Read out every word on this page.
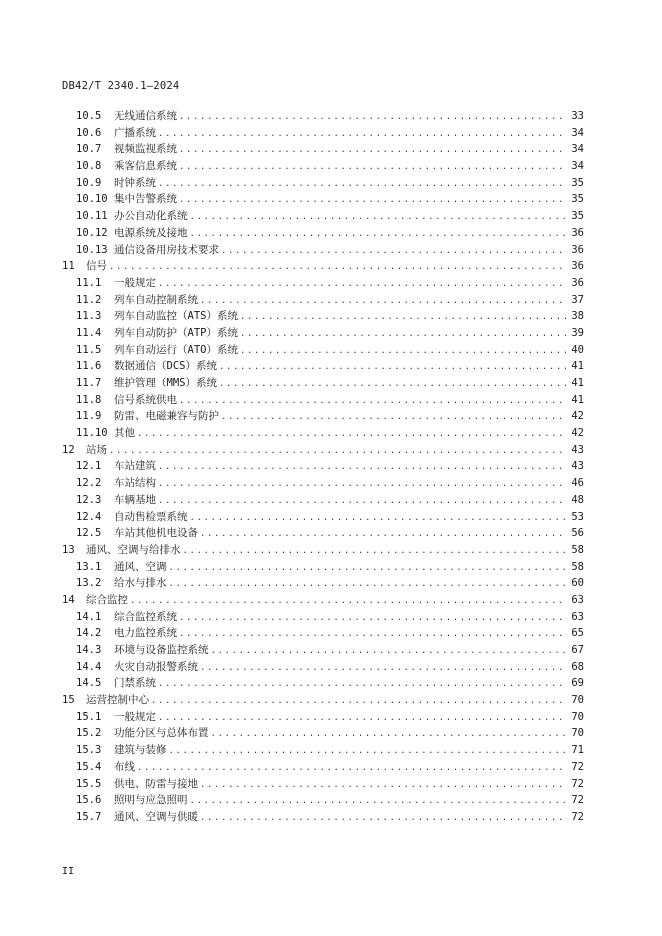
DB42/T 2340.1—2024
10.5	无线通信系统 .....	33
10.6	广播系统 .....	34
10.7	视频监视系统 .....	34
10.8	乘客信息系统 .....	34
10.9	时钟系统 .....	35
10.10 集中告警系统 .....	35
10.11 办公自动化系统 .....	35
10.12 电源系统及接地 .....	36
10.13 通信设备用房技术要求 .....	36
11	信号 .....	36
11.1	一般规定 .....	36
11.2	列车自动控制系统 .....	37
11.3	列车自动监控（ATS）系统 .....	38
11.4	列车自动防护（ATP）系统 .....	39
11.5	列车自动运行（ATO）系统 .....	40
11.6	数据通信（DCS）系统 .....	41
11.7	维护管理（MMS）系统 .....	41
11.8	信号系统供电 .....	41
11.9	防雷、电磁兼容与防护 .....	42
11.10 其他 .....	42
12	站场 .....	43
12.1	车站建筑 .....	43
12.2	车站结构 .....	46
12.3	车辆基地 .....	48
12.4	自动售检票系统 .....	53
12.5	车站其他机电设备 .....	56
13	通风、空调与给排水 .....	58
13.1	通风、空调 .....	58
13.2	给水与排水 .....	60
14	综合监控 .....	63
14.1	综合监控系统 .....	63
14.2	电力监控系统 .....	65
14.3	环境与设备监控系统 .....	67
14.4	火灾自动报警系统 .....	68
14.5	门禁系统 .....	69
15	运营控制中心 .....	70
15.1	一般规定 .....	70
15.2	功能分区与总体布置 .....	70
15.3	建筑与装修 .....	71
15.4	布线 .....	72
15.5	供电、防雷与接地 .....	72
15.6	照明与应急照明 .....	72
15.7	通风、空调与供暖 .....	72
II
